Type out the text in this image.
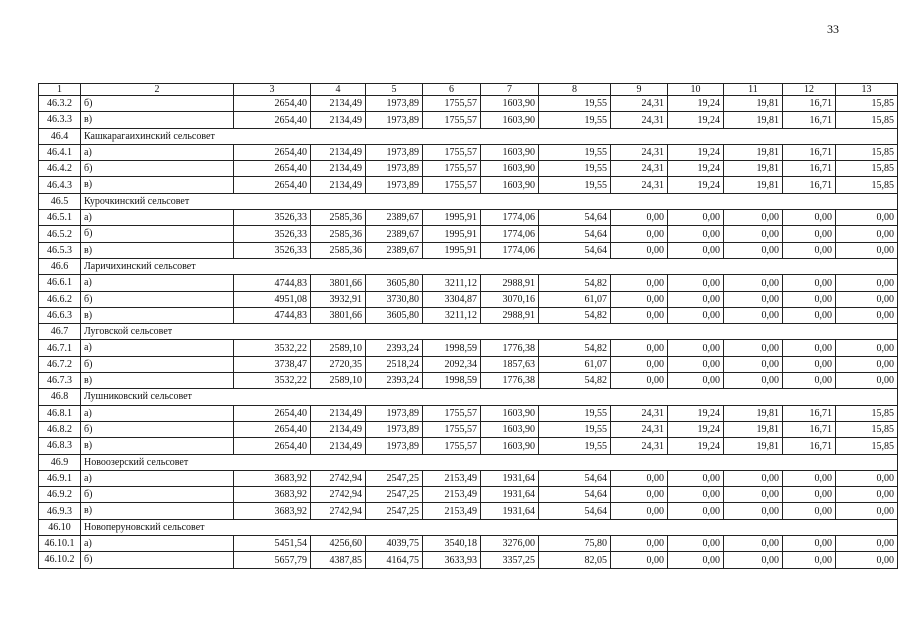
33
1	2	3	4	5	6	7	8	9	10	11	12	13
46.3.2	б)	2654,40	2134,49	1973,89	1755,57	1603,90	19,55	24,31	19,24	19,81	16,71	15,85
46.3.3	в)	2654,40	2134,49	1973,89	1755,57	1603,90	19,55	24,31	19,24	19,81	16,71	15,85
46.4	Кашкарагаихинский сельсовет											
46.4.1	а)	2654,40	2134,49	1973,89	1755,57	1603,90	19,55	24,31	19,24	19,81	16,71	15,85
46.4.2	б)	2654,40	2134,49	1973,89	1755,57	1603,90	19,55	24,31	19,24	19,81	16,71	15,85
46.4.3	в)	2654,40	2134,49	1973,89	1755,57	1603,90	19,55	24,31	19,24	19,81	16,71	15,85
46.5	Курочкинский сельсовет											
46.5.1	а)	3526,33	2585,36	2389,67	1995,91	1774,06	54,64	0,00	0,00	0,00	0,00	0,00
46.5.2	б)	3526,33	2585,36	2389,67	1995,91	1774,06	54,64	0,00	0,00	0,00	0,00	0,00
46.5.3	в)	3526,33	2585,36	2389,67	1995,91	1774,06	54,64	0,00	0,00	0,00	0,00	0,00
46.6	Ларичихинский сельсовет											
46.6.1	а)	4744,83	3801,66	3605,80	3211,12	2988,91	54,82	0,00	0,00	0,00	0,00	0,00
46.6.2	б)	4951,08	3932,91	3730,80	3304,87	3070,16	61,07	0,00	0,00	0,00	0,00	0,00
46.6.3	в)	4744,83	3801,66	3605,80	3211,12	2988,91	54,82	0,00	0,00	0,00	0,00	0,00
46.7	Луговской сельсовет											
46.7.1	а)	3532,22	2589,10	2393,24	1998,59	1776,38	54,82	0,00	0,00	0,00	0,00	0,00
46.7.2	б)	3738,47	2720,35	2518,24	2092,34	1857,63	61,07	0,00	0,00	0,00	0,00	0,00
46.7.3	в)	3532,22	2589,10	2393,24	1998,59	1776,38	54,82	0,00	0,00	0,00	0,00	0,00
46.8	Лушниковский сельсовет											
46.8.1	а)	2654,40	2134,49	1973,89	1755,57	1603,90	19,55	24,31	19,24	19,81	16,71	15,85
46.8.2	б)	2654,40	2134,49	1973,89	1755,57	1603,90	19,55	24,31	19,24	19,81	16,71	15,85
46.8.3	в)	2654,40	2134,49	1973,89	1755,57	1603,90	19,55	24,31	19,24	19,81	16,71	15,85
46.9	Новоозерский сельсовет											
46.9.1	а)	3683,92	2742,94	2547,25	2153,49	1931,64	54,64	0,00	0,00	0,00	0,00	0,00
46.9.2	б)	3683,92	2742,94	2547,25	2153,49	1931,64	54,64	0,00	0,00	0,00	0,00	0,00
46.9.3	в)	3683,92	2742,94	2547,25	2153,49	1931,64	54,64	0,00	0,00	0,00	0,00	0,00
46.10	Новоперуновский сельсовет											
46.10.1	а)	5451,54	4256,60	4039,75	3540,18	3276,00	75,80	0,00	0,00	0,00	0,00	0,00
46.10.2	б)	5657,79	4387,85	4164,75	3633,93	3357,25	82,05	0,00	0,00	0,00	0,00	0,00
